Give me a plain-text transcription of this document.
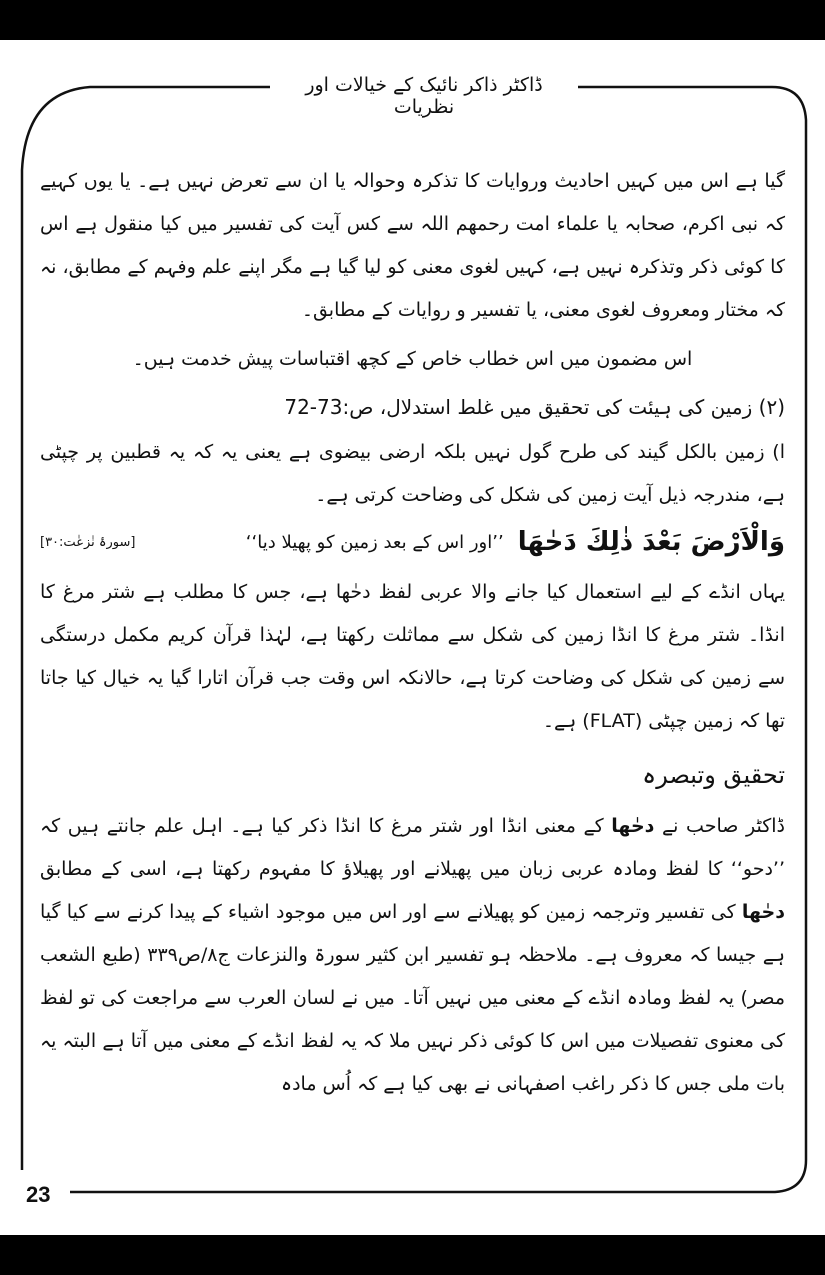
ڈاکٹر ذاکر نائیک کے خیالات اور نظریات

گیا ہے اس میں کہیں احادیث وروایات کا تذکرہ وحوالہ یا ان سے تعرض نہیں ہے۔ یا یوں کہیے کہ نبی اکرم، صحابہ یا علماء امت رحمھم اللہ سے کس آیت کی تفسیر میں کیا منقول ہے اس کا کوئی ذکر وتذکرہ نہیں ہے، کہیں لغوی معنی کو لیا گیا ہے مگر اپنے علم وفہم کے مطابق، نہ کہ مختار ومعروف لغوی معنی، یا تفسیر و روایات کے مطابق۔

اس مضمون میں اس خطاب خاص کے کچھ اقتباسات پیش خدمت ہیں۔

(۲) زمین کی ہیئت کی تحقیق میں غلط استدلال، ص:72-73

ا) زمین بالکل گیند کی طرح گول نہیں بلکہ ارضی بیضوی ہے یعنی یہ کہ یہ قطبین پر چپٹی ہے، مندرجہ ذیل آیت زمین کی شکل کی وضاحت کرتی ہے۔

وَالْاَرْضَ بَعْدَ ذٰلِكَ دَحٰھَا
’’اور اس کے بعد زمین کو پھیلا دیا‘‘
[سورۂ نٰزعٰت:۳۰]

یہاں انڈے کے لیے استعمال کیا جانے والا عربی لفظ دحٰھا ہے، جس کا مطلب ہے شتر مرغ کا انڈا۔ شتر مرغ کا انڈا زمین کی شکل سے مماثلت رکھتا ہے، لہٰذا قرآن کریم مکمل درستگی سے زمین کی شکل کی وضاحت کرتا ہے، حالانکہ اس وقت جب قرآن اتارا گیا یہ خیال کیا جاتا تھا کہ زمین چپٹی (FLAT) ہے۔

تحقیق وتبصرہ

ڈاکٹر صاحب نے دحٰھا کے معنی انڈا اور شتر مرغ کا انڈا ذکر کیا ہے۔ اہل علم جانتے ہیں کہ ’’دحو‘‘ کا لفظ ومادہ عربی زبان میں پھیلانے اور پھیلاؤ کا مفہوم رکھتا ہے، اسی کے مطابق دحٰھا کی تفسیر وترجمہ زمین کو پھیلانے سے اور اس میں موجود اشیاء کے پیدا کرنے سے کیا گیا ہے جیسا کہ معروف ہے۔ ملاحظہ ہو تفسیر ابن کثیر سورۃ والنزعات ج۸/ص۳۳۹ (طبع الشعب مصر) یہ لفظ ومادہ انڈے کے معنی میں نہیں آتا۔ میں نے لسان العرب سے مراجعت کی تو لفظ کی معنوی تفصیلات میں اس کا کوئی ذکر نہیں ملا کہ یہ لفظ انڈے کے معنی میں آتا ہے البتہ یہ بات ملی جس کا ذکر راغب اصفہانی نے بھی کیا ہے کہ اُس مادہ

23
